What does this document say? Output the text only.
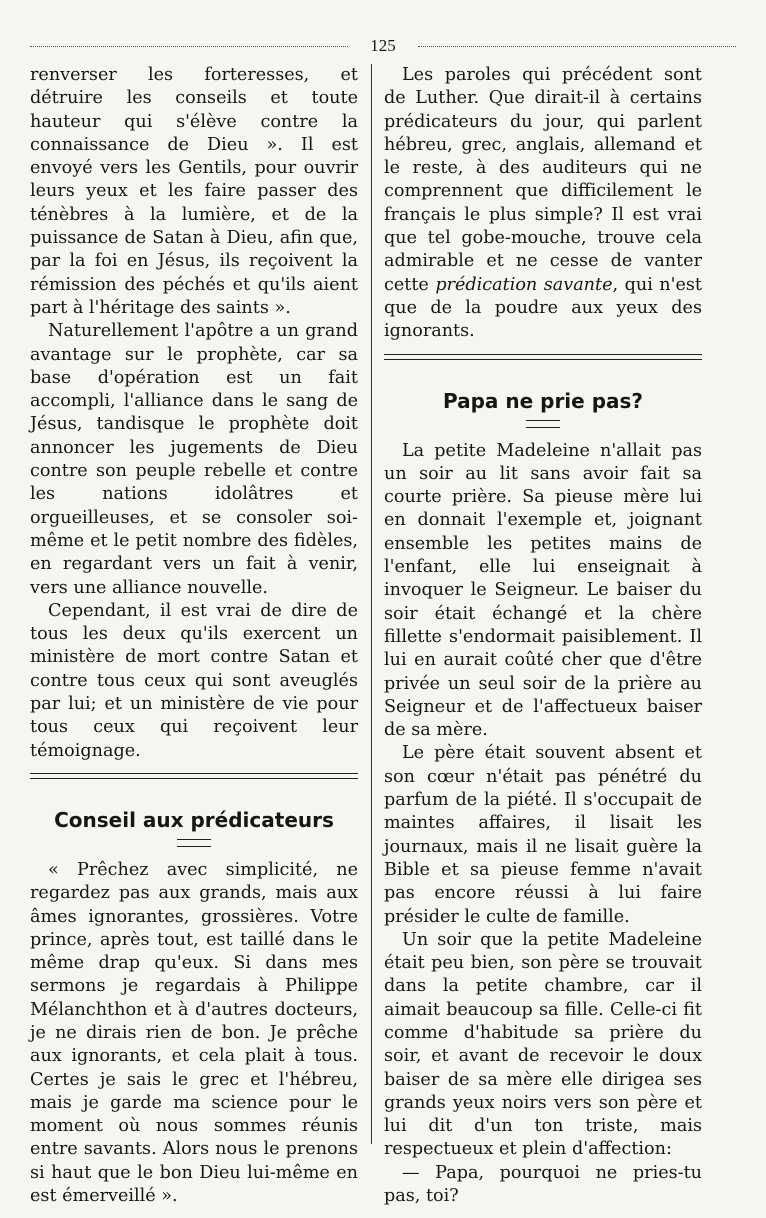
125

renverser les forteresses, et détruire les conseils et toute hauteur qui s'élève contre la connaissance de Dieu ». Il est envoyé vers les Gentils, pour ouvrir leurs yeux et les faire passer des ténèbres à la lumière, et de la puissance de Satan à Dieu, afin que, par la foi en Jésus, ils reçoivent la rémission des péchés et qu'ils aient part à l'héritage des saints ».

Naturellement l'apôtre a un grand avantage sur le prophète, car sa base d'opération est un fait accompli, l'alliance dans le sang de Jésus, tandisque le prophète doit annoncer les jugements de Dieu contre son peuple rebelle et contre les nations idolâtres et orgueilleuses, et se consoler soi-même et le petit nombre des fidèles, en regardant vers un fait à venir, vers une alliance nouvelle.

Cependant, il est vrai de dire de tous les deux qu'ils exercent un ministère de mort contre Satan et contre tous ceux qui sont aveuglés par lui; et un ministère de vie pour tous ceux qui reçoivent leur témoignage.

Conseil aux prédicateurs

« Prêchez avec simplicité, ne regardez pas aux grands, mais aux âmes ignorantes, grossières. Votre prince, après tout, est taillé dans le même drap qu'eux. Si dans mes sermons je regardais à Philippe Mélanchthon et à d'autres docteurs, je ne dirais rien de bon. Je prêche aux ignorants, et cela plait à tous. Certes je sais le grec et l'hébreu, mais je garde ma science pour le moment où nous sommes réunis entre savants. Alors nous le prenons si haut que le bon Dieu lui-même en est émerveillé ».

Les paroles qui précédent sont de Luther. Que dirait-il à certains prédicateurs du jour, qui parlent hébreu, grec, anglais, allemand et le reste, à des auditeurs qui ne comprennent que difficilement le français le plus simple? Il est vrai que tel gobe-mouche, trouve cela admirable et ne cesse de vanter cette prédication savante, qui n'est que de la poudre aux yeux des ignorants.

Papa ne prie pas?

La petite Madeleine n'allait pas un soir au lit sans avoir fait sa courte prière. Sa pieuse mère lui en donnait l'exemple et, joignant ensemble les petites mains de l'enfant, elle lui enseignait à invoquer le Seigneur. Le baiser du soir était échangé et la chère fillette s'endormait paisiblement. Il lui en aurait coûté cher que d'être privée un seul soir de la prière au Seigneur et de l'affectueux baiser de sa mère.

Le père était souvent absent et son cœur n'était pas pénétré du parfum de la piété. Il s'occupait de maintes affaires, il lisait les journaux, mais il ne lisait guère la Bible et sa pieuse femme n'avait pas encore réussi à lui faire présider le culte de famille.

Un soir que la petite Madeleine était peu bien, son père se trouvait dans la petite chambre, car il aimait beaucoup sa fille. Celle-ci fit comme d'habitude sa prière du soir, et avant de recevoir le doux baiser de sa mère elle dirigea ses grands yeux noirs vers son père et lui dit d'un ton triste, mais respectueux et plein d'affection:

— Papa, pourquoi ne pries-tu pas, toi?
